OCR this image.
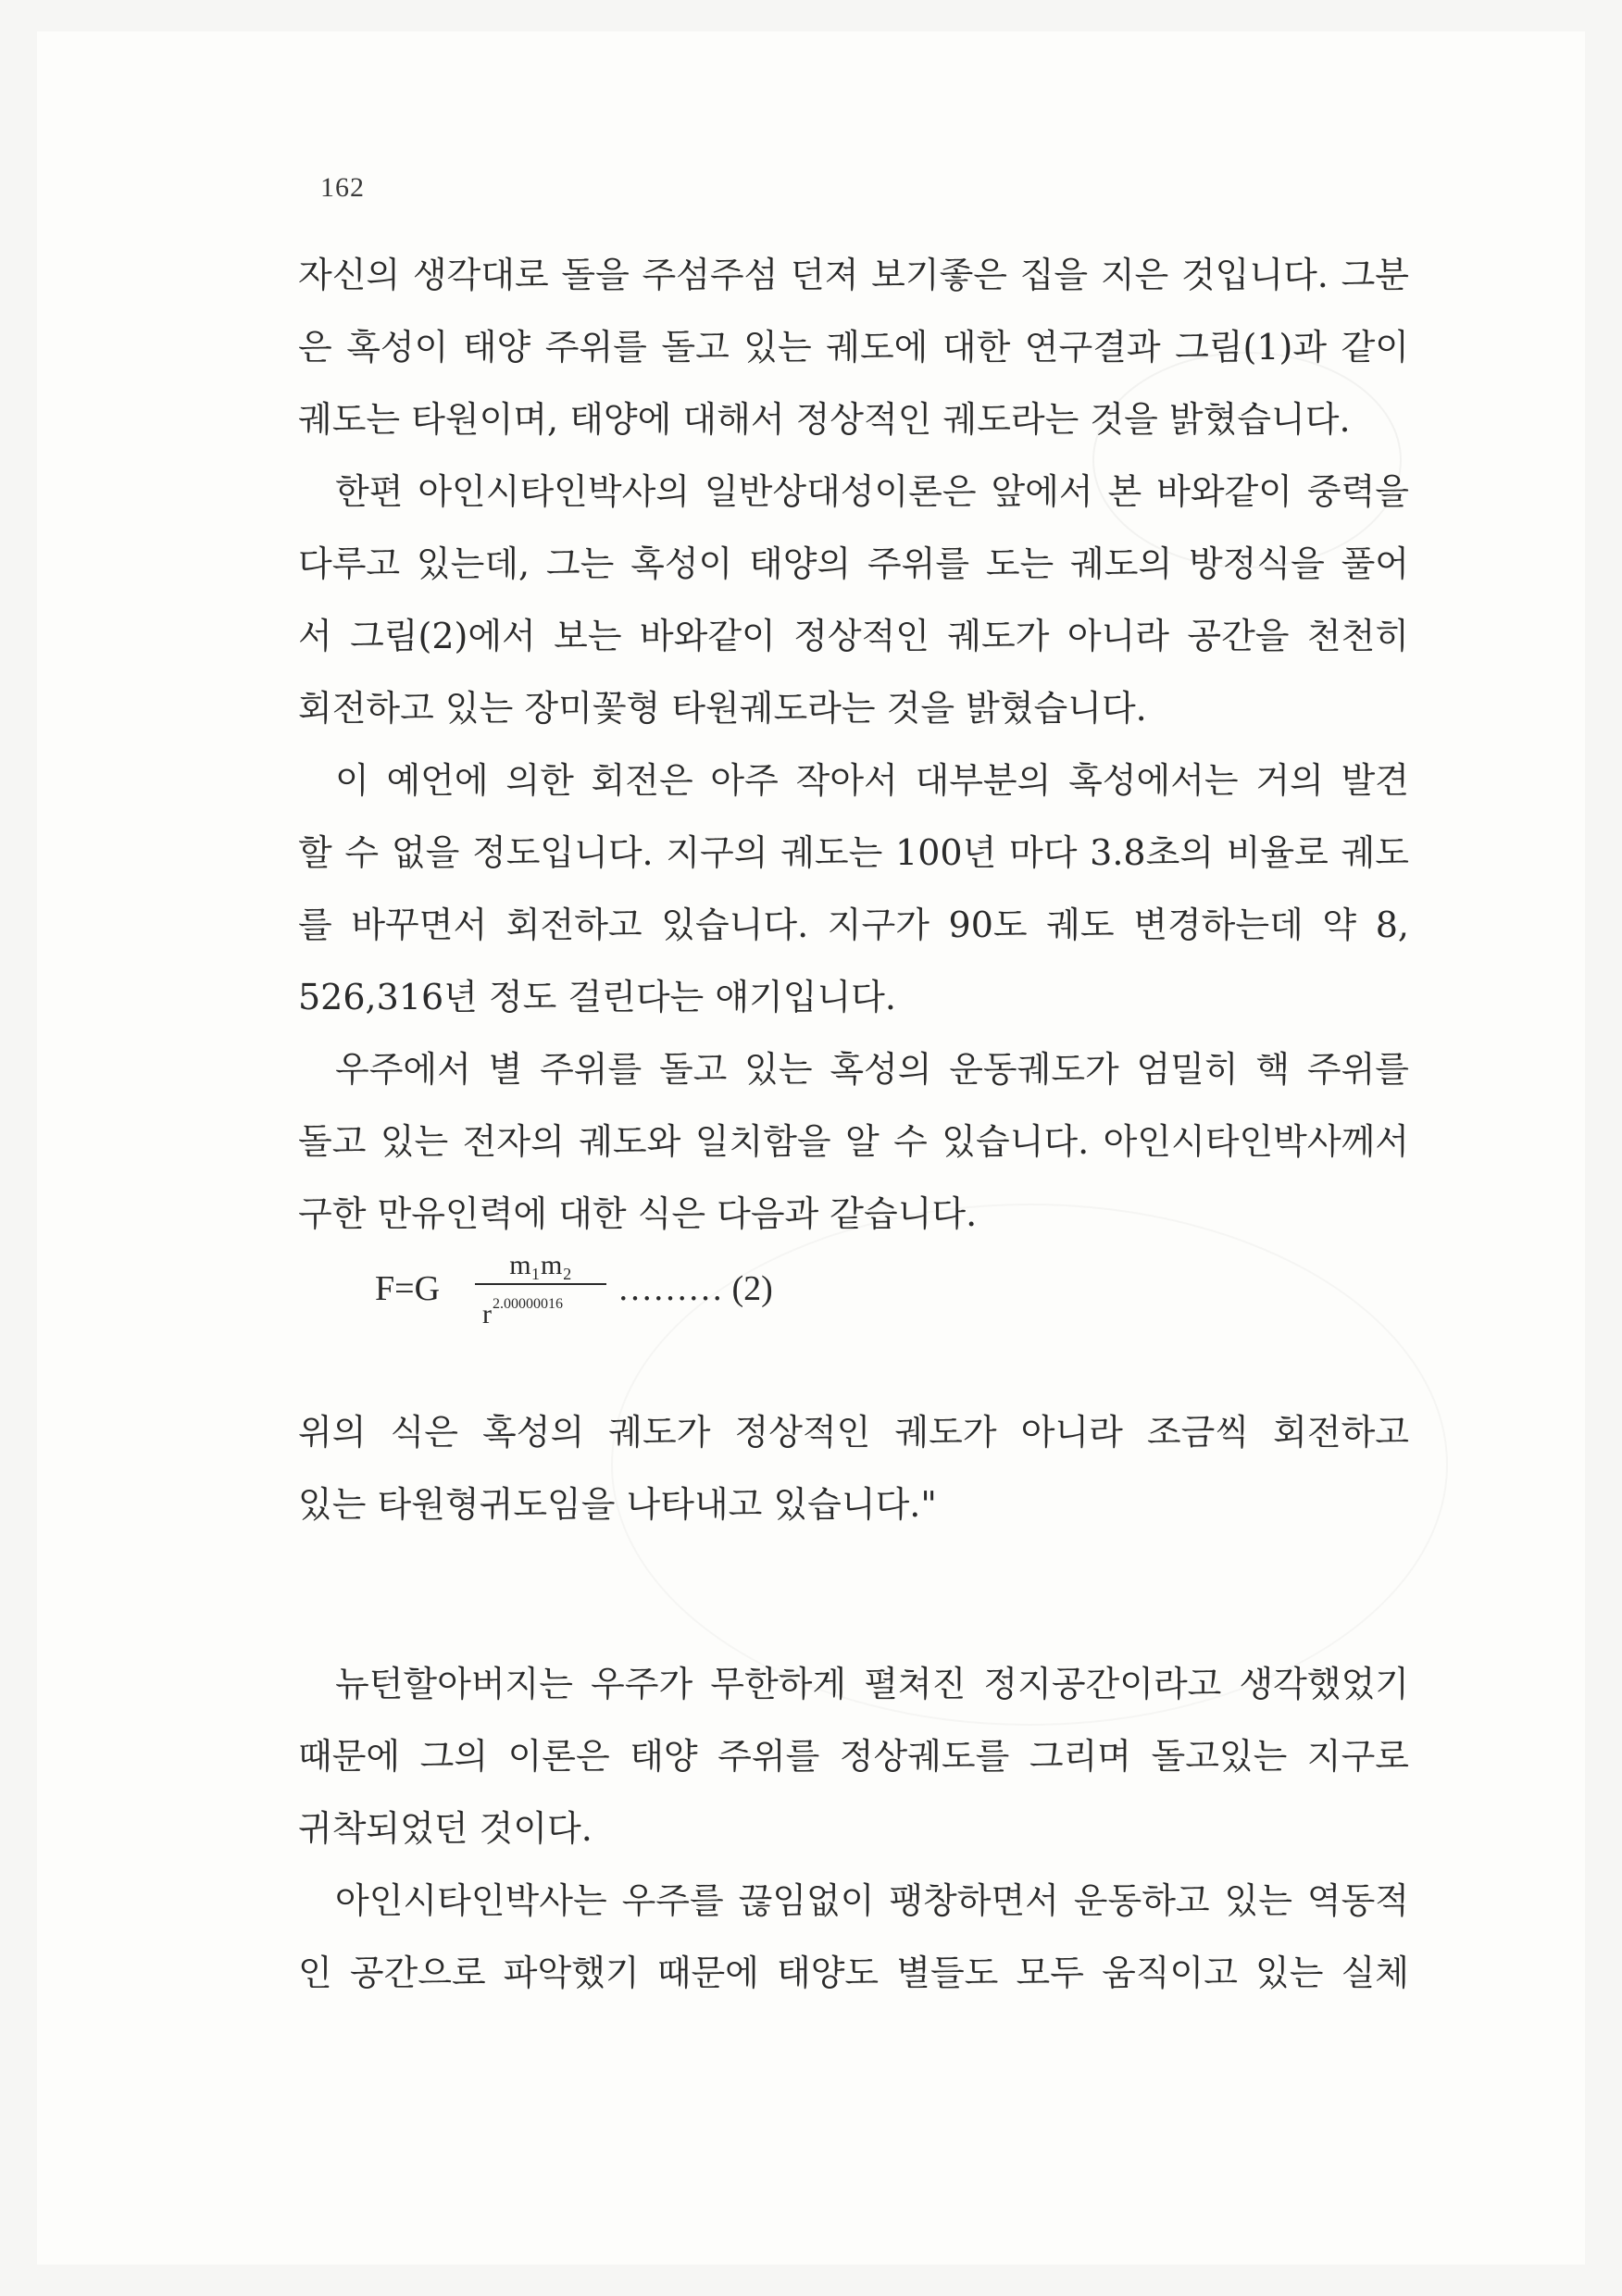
162
자신의 생각대로 돌을 주섬주섬 던져 보기좋은 집을 지은 것입니다. 그분
은 혹성이 태양 주위를 돌고 있는 궤도에 대한 연구결과 그림(1)과 같이
궤도는 타원이며, 태양에 대해서 정상적인 궤도라는 것을 밝혔습니다.
한편 아인시타인박사의 일반상대성이론은 앞에서 본 바와같이 중력을
다루고 있는데, 그는 혹성이 태양의 주위를 도는 궤도의 방정식을 풀어
서 그림(2)에서 보는 바와같이 정상적인 궤도가 아니라 공간을 천천히
회전하고 있는 장미꽃형 타원궤도라는 것을 밝혔습니다.
이 예언에 의한 회전은 아주 작아서 대부분의 혹성에서는 거의 발견
할 수 없을 정도입니다. 지구의 궤도는 100년 마다 3.8초의 비율로 궤도
를 바꾸면서 회전하고 있습니다. 지구가 90도 궤도 변경하는데 약 8,
526,316년 정도 걸린다는 얘기입니다.
우주에서 별 주위를 돌고 있는 혹성의 운동궤도가 엄밀히 핵 주위를
돌고 있는 전자의 궤도와 일치함을 알 수 있습니다. 아인시타인박사께서
구한 만유인력에 대한 식은 다음과 같습니다.
F=G
m₁m₂
$r^{2.00000016}$	……… (2)
위의 식은 혹성의 궤도가 정상적인 궤도가 아니라 조금씩 회전하고
있는 타원형귀도임을 나타내고 있습니다."
뉴턴할아버지는 우주가 무한하게 펼쳐진 정지공간이라고 생각했었기
때문에 그의 이론은 태양 주위를 정상궤도를 그리며 돌고있는 지구로
귀착되었던 것이다.
아인시타인박사는 우주를 끊임없이 팽창하면서 운동하고 있는 역동적
인 공간으로 파악했기 때문에 태양도 별들도 모두 움직이고 있는 실체
